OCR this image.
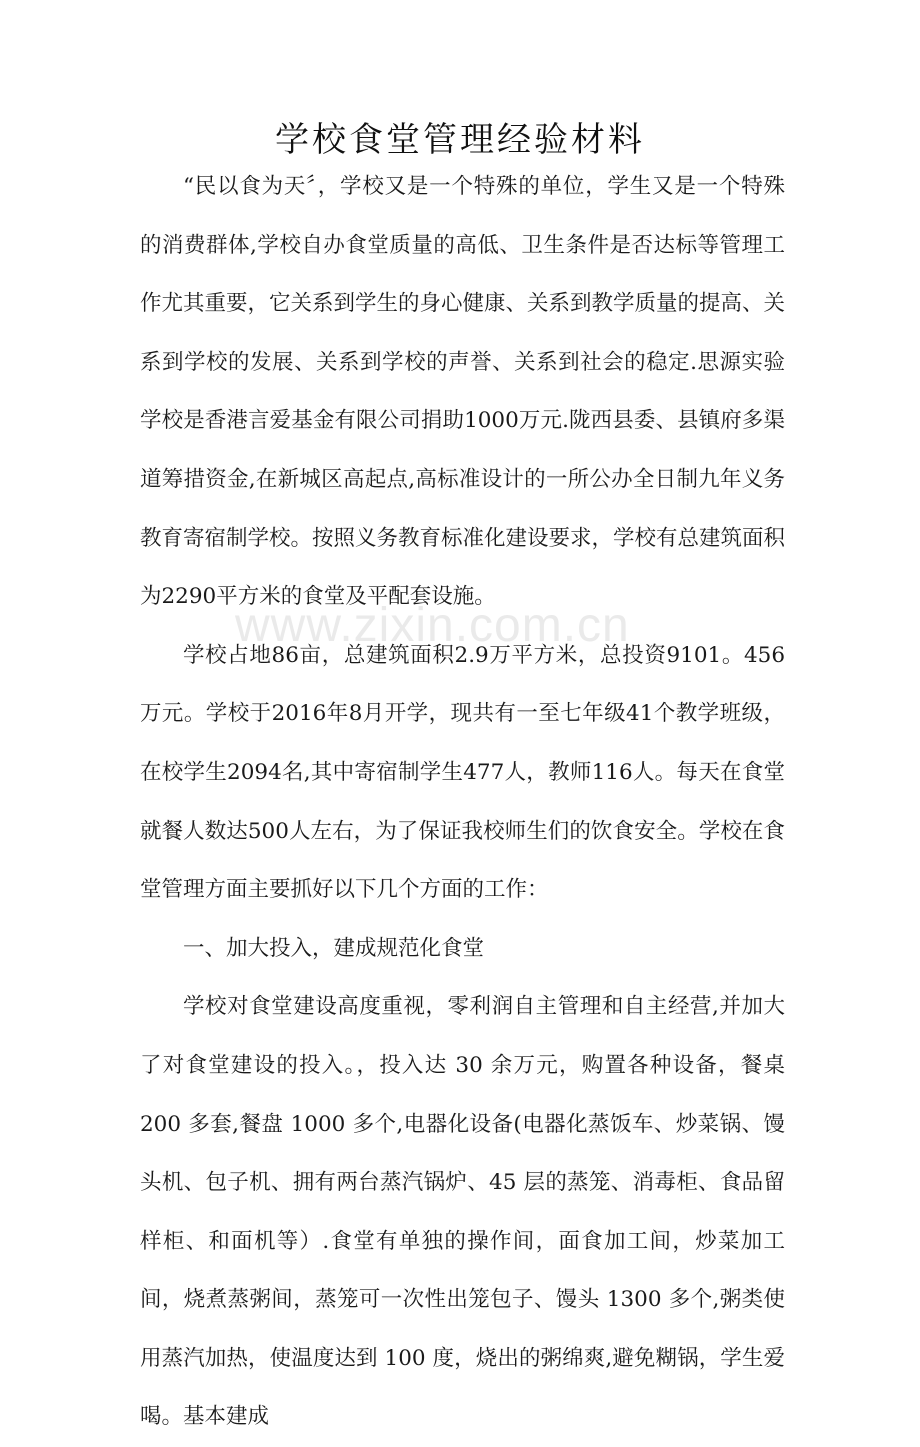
学校食堂管理经验材料

“民以食为天〞，学校又是一个特殊的单位，学生又是一个特殊的消费群体,学校自办食堂质量的高低、卫生条件是否达标等管理工作尤其重要，它关系到学生的身心健康、关系到教学质量的提高、关系到学校的发展、关系到学校的声誉、关系到社会的稳定.思源实验学校是香港言爱基金有限公司捐助1000万元.陇西县委、县镇府多渠道筹措资金,在新城区高起点,高标准设计的一所公办全日制九年义务教育寄宿制学校。按照义务教育标准化建设要求，学校有总建筑面积为2290平方米的食堂及平配套设施。

学校占地86亩，总建筑面积2.9万平方米，总投资9101。456万元。学校于2016年8月开学，现共有一至七年级41个教学班级，在校学生2094名,其中寄宿制学生477人，教师116人。每天在食堂就餐人数达500人左右，为了保证我校师生们的饮食安全。学校在食堂管理方面主要抓好以下几个方面的工作：

一、加大投入，建成规范化食堂

学校对食堂建设高度重视，零利润自主管理和自主经营,并加大了对食堂建设的投入。，投入达 30 余万元，购置各种设备，餐桌 200 多套,餐盘 1000 多个,电器化设备(电器化蒸饭车、炒菜锅、馒头机、包子机、拥有两台蒸汽锅炉、45 层的蒸笼、消毒柜、食品留样柜、和面机等）.食堂有单独的操作间，面食加工间，炒菜加工间，烧煮蒸粥间，蒸笼可一次性出笼包子、馒头 1300 多个,粥类使用蒸汽加热，使温度达到 100 度，烧出的粥绵爽,避免糊锅，学生爱喝。基本建成

www.zixin.com.cn
